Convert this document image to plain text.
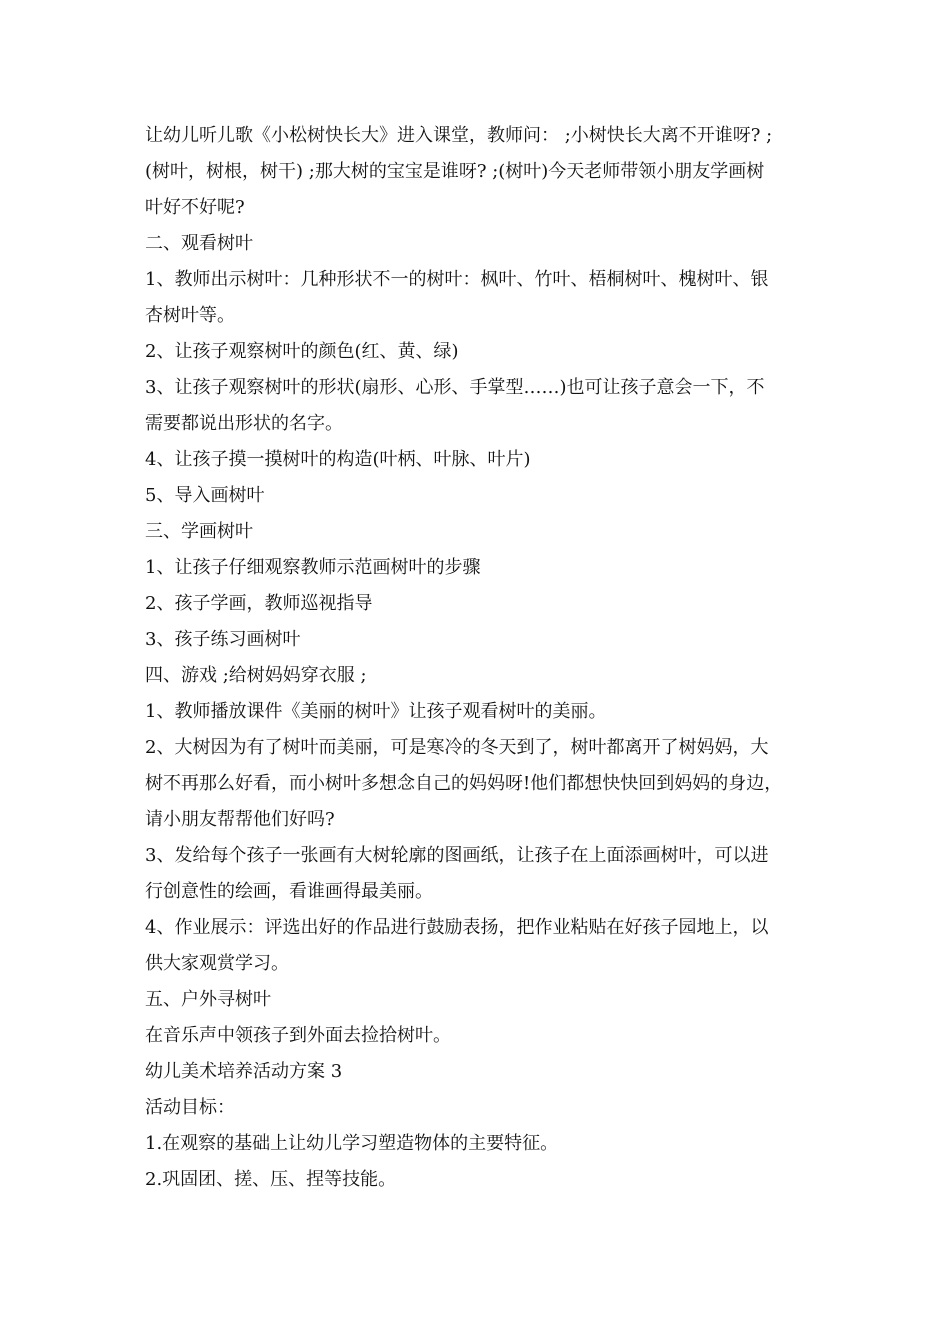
让幼儿听儿歌《小松树快长大》进入课堂，教师问： ;小树快长大离不开谁呀? ;
(树叶，树根，树干) ;那大树的宝宝是谁呀? ;(树叶)今天老师带领小朋友学画树
叶好不好呢?
二、观看树叶
1、教师出示树叶：几种形状不一的树叶：枫叶、竹叶、梧桐树叶、槐树叶、银
杏树叶等。
2、让孩子观察树叶的颜色(红、黄、绿)
3、让孩子观察树叶的形状(扇形、心形、手掌型……)也可让孩子意会一下，不
需要都说出形状的名字。
4、让孩子摸一摸树叶的构造(叶柄、叶脉、叶片)
5、导入画树叶
三、学画树叶
1、让孩子仔细观察教师示范画树叶的步骤
2、孩子学画，教师巡视指导
3、孩子练习画树叶
四、游戏 ;给树妈妈穿衣服 ;
1、教师播放课件《美丽的树叶》让孩子观看树叶的美丽。
2、大树因为有了树叶而美丽，可是寒冷的冬天到了，树叶都离开了树妈妈，大
树不再那么好看，而小树叶多想念自己的妈妈呀!他们都想快快回到妈妈的身边，
请小朋友帮帮他们好吗?
3、发给每个孩子一张画有大树轮廓的图画纸，让孩子在上面添画树叶，可以进
行创意性的绘画，看谁画得最美丽。
4、作业展示：评选出好的作品进行鼓励表扬，把作业粘贴在好孩子园地上，以
供大家观赏学习。
五、户外寻树叶
在音乐声中领孩子到外面去捡拾树叶。
幼儿美术培养活动方案 3
活动目标：
1.在观察的基础上让幼儿学习塑造物体的主要特征。
2.巩固团、搓、压、捏等技能。
